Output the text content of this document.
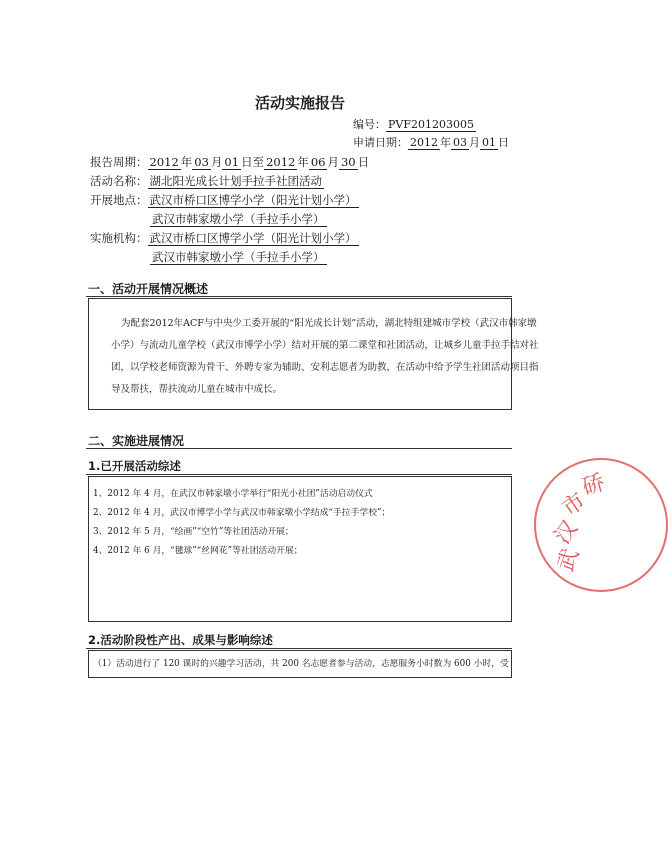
活动实施报告
编号： PVF201203005
申请日期： 2012 年 03 月 01 日
报告周期： 2012 年 03 月 01 日至 2012 年 06 月 30 日
活动名称： 湖北阳光成长计划手拉手社团活动
开展地点： 武汉市桥口区博学小学（阳光计划小学）
武汉市韩家墩小学（手拉手小学）
实施机构： 武汉市桥口区博学小学（阳光计划小学）
武汉市韩家墩小学（手拉手小学）
一、活动开展情况概述
为配套2012年ACF与中央少工委开展的“阳光成长计划”活动，湖北特组建城市学校（武汉市韩家墩
小学）与流动儿童学校（武汉市博学小学）结对开展的第二课堂和社团活动，让城乡儿童手拉手结对社
团，以学校老师资源为骨干、外聘专家为辅助、安利志愿者为助教，在活动中给予学生社团活动项目指
导及帮扶，帮扶流动儿童在城市中成长。
二、实施进展情况
1.已开展活动综述
1、2012 年 4 月，在武汉市韩家墩小学举行“阳光小社团”活动启动仪式
2、2012 年 4 月，武汉市博学小学与武汉市韩家墩小学结成“手拉手学校”；
3、2012 年 5 月，“绘画”“空竹”等社团活动开展；
4、2012 年 6 月，“毽球”“丝网花”等社团活动开展；
2.活动阶段性产出、成果与影响综述
（1）活动进行了 120 课时的兴趣学习活动，共 200 名志愿者参与活动，志愿服务小时数为 600 小时，受
武
汉
市
硚
